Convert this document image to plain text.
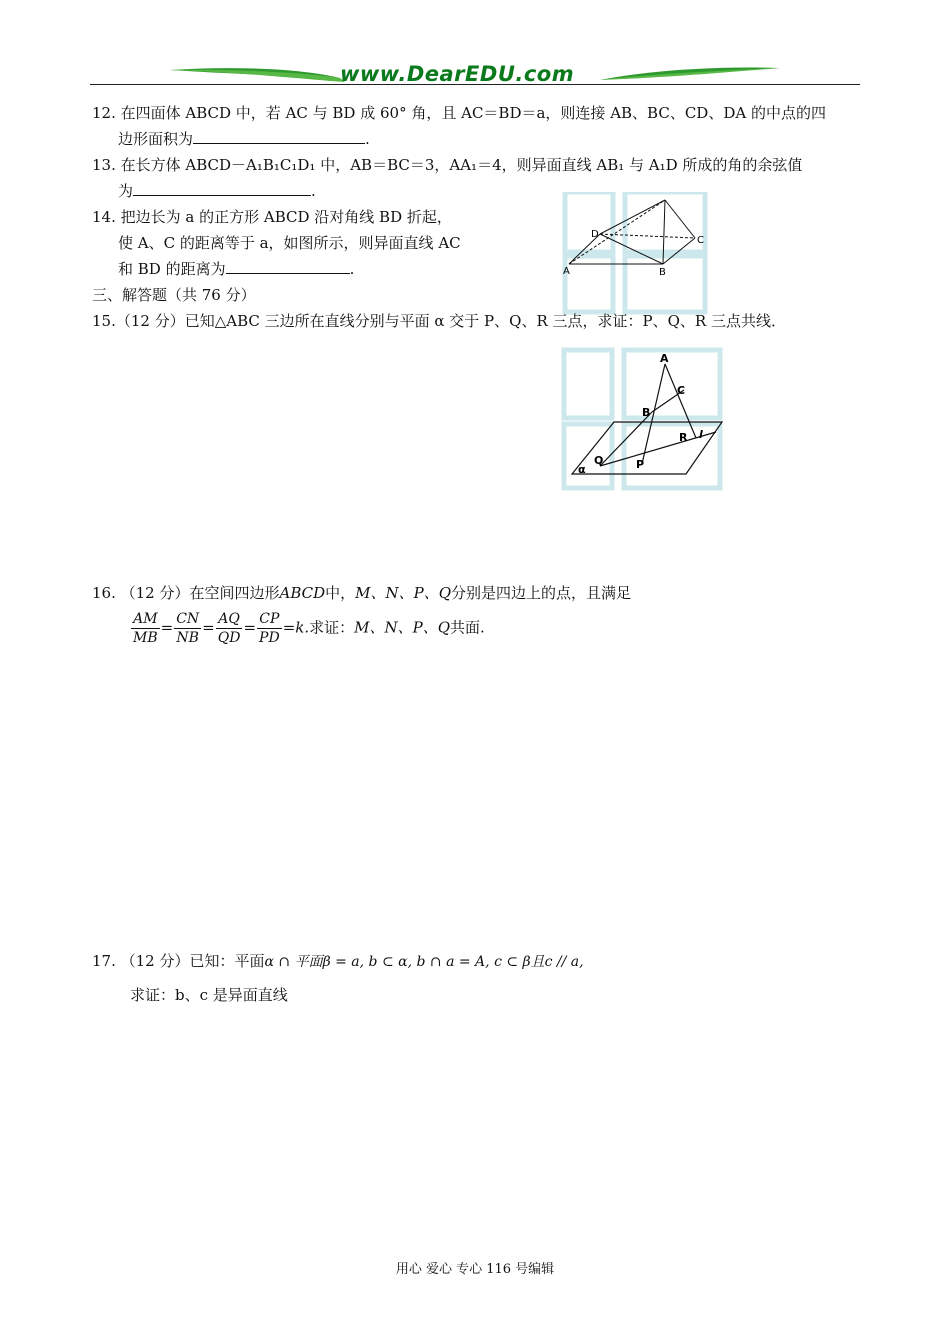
www.DearEDU.com
12. 在四面体 ABCD 中，若 AC 与 BD 成 60° 角，且 AC＝BD＝a，则连接 AB、BC、CD、DA 的中点的四
边形面积为	.
13. 在长方体 ABCD－A₁B₁C₁D₁ 中，AB＝BC＝3，AA₁＝4，则异面直线 AB₁ 与 A₁D 所成的角的余弦值
为	.
14. 把边长为 a 的正方形 ABCD 沿对角线 BD 折起，
使 A、C 的距离等于 a，如图所示，则异面直线 AC
和 BD 的距离为	.
D
C
A	B
三、解答题（共 76 分）
15.（12 分）已知△ABC 三边所在直线分别与平面 α 交于 P、Q、R 三点，求证：P、Q、R 三点共线．
A
C
B
R l
Q	P
α
16. （12 分）在空间四边形ABCD中，M、N、P、Q分别是四边上的点，且满足
$\frac{AM}{MB} = \frac{CN}{NB} = \frac{AQ}{QD} = \frac{CP}{PD} =k$.求证：M、N、P、Q共面.
17. （12 分）已知：平面α ∩ 平面β = a, b ⊂ α, b ∩ a = A, c ⊂ β且c // a,
求证：b、c 是异面直线
用心 爱心 专心 116 号编辑
